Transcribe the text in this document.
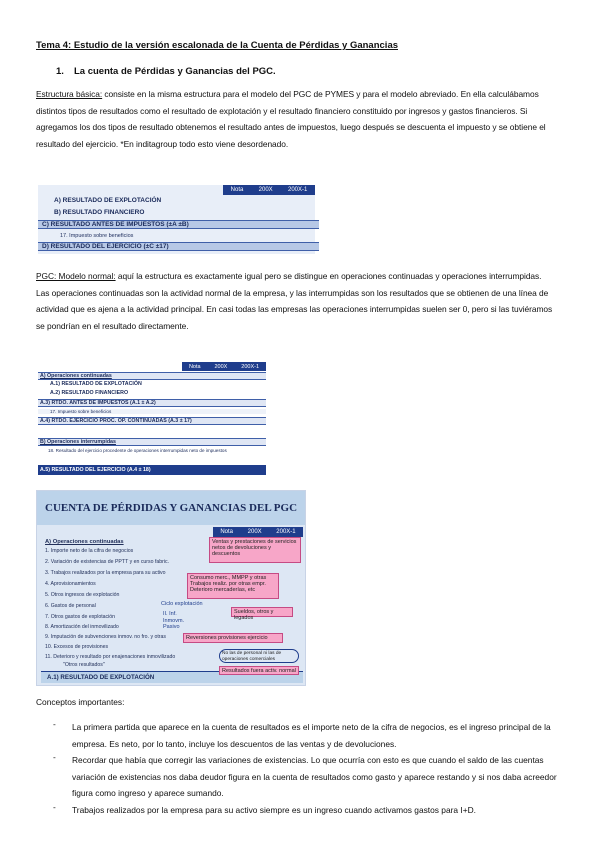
Tema 4: Estudio de la versión escalonada de la Cuenta de Pérdidas y Ganancias
1. La cuenta de Pérdidas y Ganancias del PGC.
Estructura básica: consiste en la misma estructura para el modelo del PGC de PYMES y para el modelo abreviado. En ella calculábamos distintos tipos de resultados como el resultado de explotación y el resultado financiero constituido por ingresos y gastos financieros. Si agregamos los dos tipos de resultado obtenemos el resultado antes de impuestos, luego después se descuenta el impuesto y se obtiene el resultado del ejercicio. *En inditagroup todo esto viene desordenado.
Nota	200X	200X-1
A) RESULTADO DE EXPLOTACIÓN
B) RESULTADO FINANCIERO
C) RESULTADO ANTES DE IMPUESTOS (±A ±B)
17. Impuesto sobre beneficios
D) RESULTADO DEL EJERCICIO (±C ±17)
PGC: Modelo normal: aquí la estructura es exactamente igual pero se distingue en operaciones continuadas y operaciones interrumpidas. Las operaciones continuadas son la actividad normal de la empresa, y las interrumpidas son los resultados que se obtienen de una línea de actividad que es ajena a la actividad principal. En casi todas las empresas las operaciones interrumpidas suelen ser 0, pero si las tuviéramos se pondrían en el resultado directamente.
Nota	200X	200X-1
A) Operaciones continuadas
A.1) RESULTADO DE EXPLOTACIÓN
A.2) RESULTADO FINANCIERO
A.3) RTDO. ANTES DE IMPUESTOS (A.1 ± A.2)
17. Impuesto sobre beneficios
A.4) RTDO. EJERCICIO PROC. OP. CONTINUADAS (A.3 ± 17)
B) Operaciones interrumpidas
18. Resultado del ejercicio procedente de operaciones interrumpidas neto de impuestos
A.5) RESULTADO DEL EJERCICIO (A.4 ± 18)
CUENTA DE PÉRDIDAS Y GANANCIAS DEL PGC
Nota 200X 200X-1
A) Operaciones continuadas
1. Importe neto de la cifra de negocios
2. Variación de existencias de PPTT y en curso fabric.
3. Trabajos realizados por la empresa para su activo
4. Aprovisionamientos
5. Otros ingresos de explotación
6. Gastos de personal
7. Otros gastos de explotación
8. Amortización del inmovilizado
9. Imputación de subvenciones inmov. no fro. y otras
10. Excesos de provisiones
11. Deterioro y resultado por enajenaciones inmovilizado
"Otros resultados"
A.1) RESULTADO DE EXPLOTACIÓN
Ventas y prestaciones de servicios netos de devoluciones y descuentos
Consumo merc., MMPP y otras Trabajos realiz. por otras empr. Deterioro mercaderías, etc
Sueldos, otros y legados
Reversiones provisiones ejercicio
No las de personal ni las de operaciones comerciales
Resultados fuera activ. normal
Ciclo explotación
II. Inf. Inmovm. Pasivo
Conceptos importantes:
- La primera partida que aparece en la cuenta de resultados es el importe neto de la cifra de negocios, es el ingreso principal de la empresa. Es neto, por lo tanto, incluye los descuentos de las ventas y de devoluciones.
- Recordar que había que corregir las variaciones de existencias. Lo que ocurría con esto es que cuando el saldo de las cuentas variación de existencias nos daba deudor figura en la cuenta de resultados como gasto y aparece restando y si nos daba acreedor figura como ingreso y aparece sumando.
- Trabajos realizados por la empresa para su activo siempre es un ingreso cuando activamos gastos para I+D.
